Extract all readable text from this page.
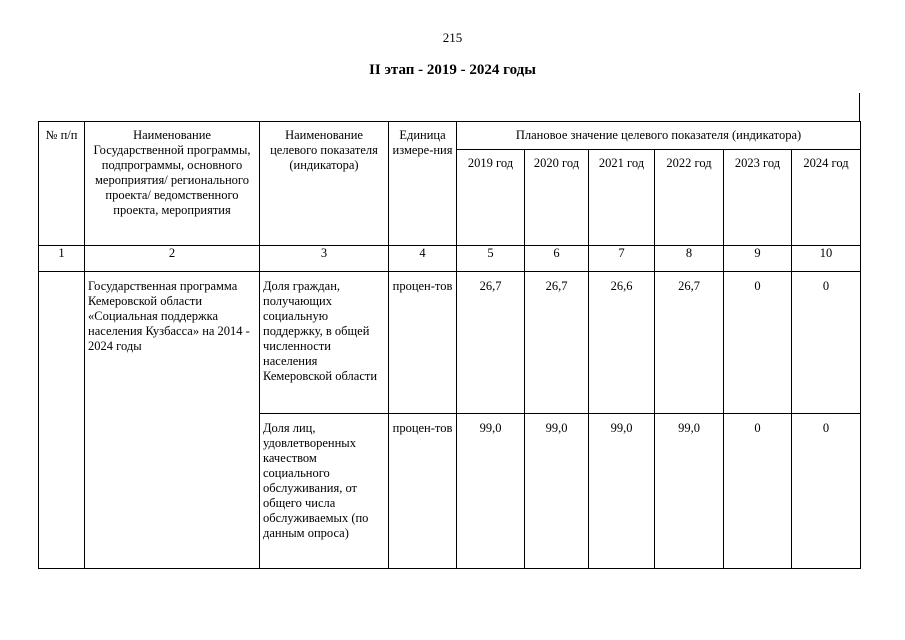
215
II этап - 2019 - 2024 годы
№ п/п	Наименование Государственной программы, подпрограммы, основного мероприятия/ регионального проекта/ ведомственного проекта, мероприятия	Наименование целевого показателя (индикатора)	Единица измере-ния	Плановое значение целевого показателя (индикатора)					
				2019 год	2020 год	2021 год	2022 год	2023 год	2024 год
1	2	3	4	5	6	7	8	9	10
	Государственная программа Кемеровской области «Социальная поддержка населения Кузбасса» на 2014 - 2024 годы	Доля граждан, получающих социальную поддержку, в общей численности населения Кемеровской области	процен-тов	26,7	26,7	26,6	26,7	0	0
		Доля лиц, удовлетворенных качеством социального обслуживания, от общего числа обслуживаемых (по данным опроса)	процен-тов	99,0	99,0	99,0	99,0	0	0
